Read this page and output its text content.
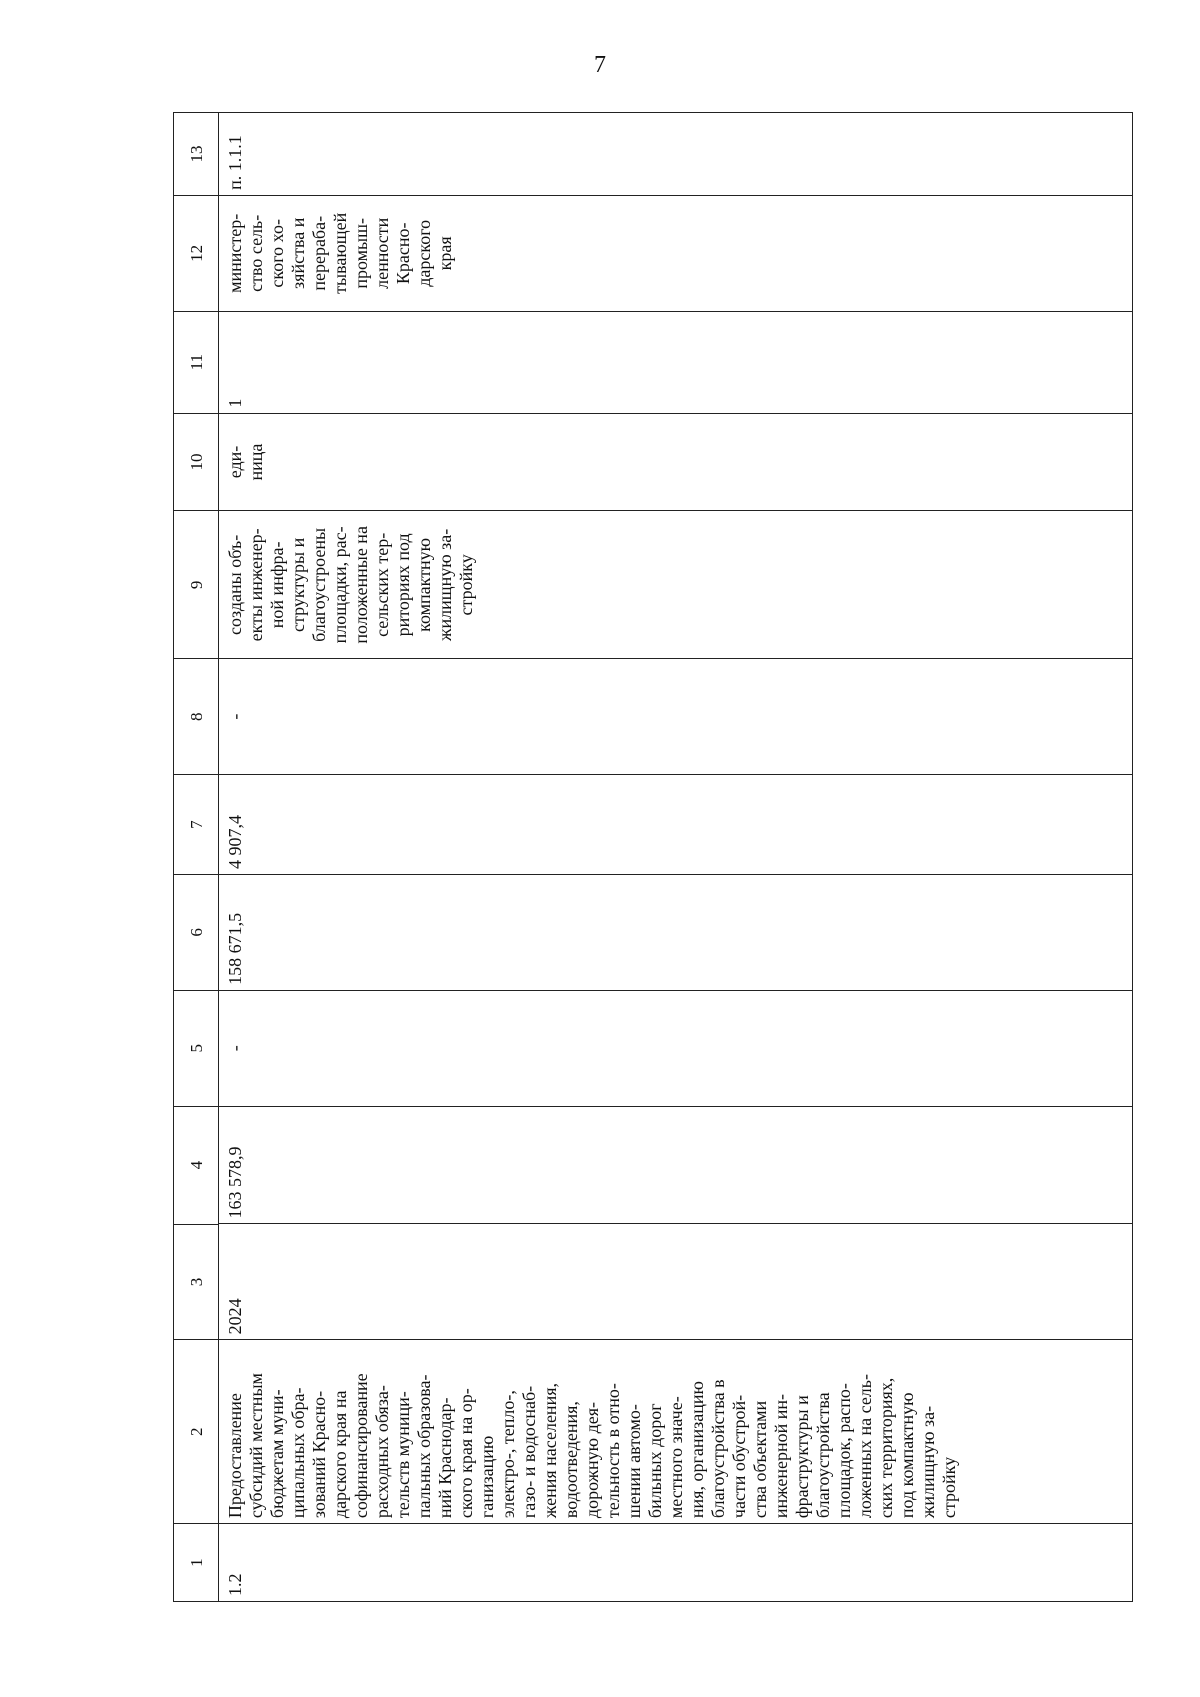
7
1
2
3
4
5
6
7
8
9
10
11
12
13
1.2
Предоставление субсидий местным бюджетам муни- ципальных обра- зований Красно- дарского края на софинансирование расходных обяза- тельств муници- пальных образова- ний Краснодар- ского края на ор- ганизацию электро-, тепло-, газо- и водоснаб- жения населения, водоотведения, дорожную дея- тельность в отно- шении автомо- бильных дорог местного значе- ния, организацию благоустройства в части обустрой- ства объектами инженерной ин- фраструктуры и благоустройства площадок, распо- ложенных на сель- ских территориях, под компактную жилищную за- стройку
2024
163 578,9
-
158 671,5
4 907,4
-
созданы объ- екты инженер- ной инфра- структуры и благоустроены площадки, рас- положенные на сельских тер- риториях под компактную жилищную за- стройку
еди- ница
1
министер- ство сель- ского хо- зяйства и перераба- тывающей промыш- ленности Красно- дарского края
п. 1.1.1
